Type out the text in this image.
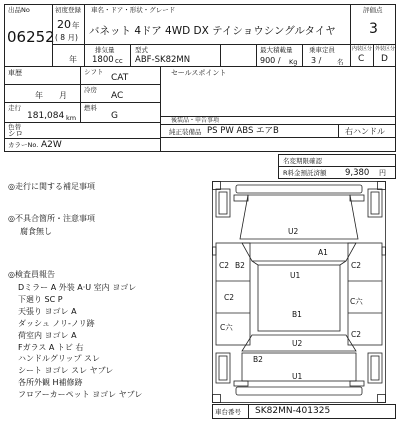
出品No
06252
初度登録
20 年
( 8 月)
車名・ドア・形状・グレード
バネット 4ドア 4WD DX テイショウシングルタイヤ
評価点
3
年
排気量
1800 cc
型式
ABF-SK82MN
最大積載量
900 / Kg
乗車定員
3 / 名
内装区分
C
外装区分
D
車歴	シフト
CAT
年　　月
冷房
AC
走行
181,084 km
燃料
G
色替
シロ
カラーNo. A2W
セールスポイント
後装品・申告事項
純正装備品 PS PW ABS エアB	右ハンドル
名変期限確認
R料金預託済額 9,380 円
◎走行に関する補足事項
◎不具合箇所・注意事項
腐食無し
◎検査員報告
Dミラー A 外装 A·U 室内 ヨゴレ
下廻り SC P
天張り ヨゴレ A
ダッシュ ノリ-ノリ跡
荷室内 ヨゴレ A
Fガラス A トビ 右
ハンドルグリップ スレ
シート ヨゴレ スレ ヤブレ
各所外観 H補修跡
フロアーカーペット ヨゴレ ヤブレ
U2
A1
C2 B2
U1
C2
C2
B1
C六
C六
C2
U2
B2
U1
車台番号 SK82MN-401325
